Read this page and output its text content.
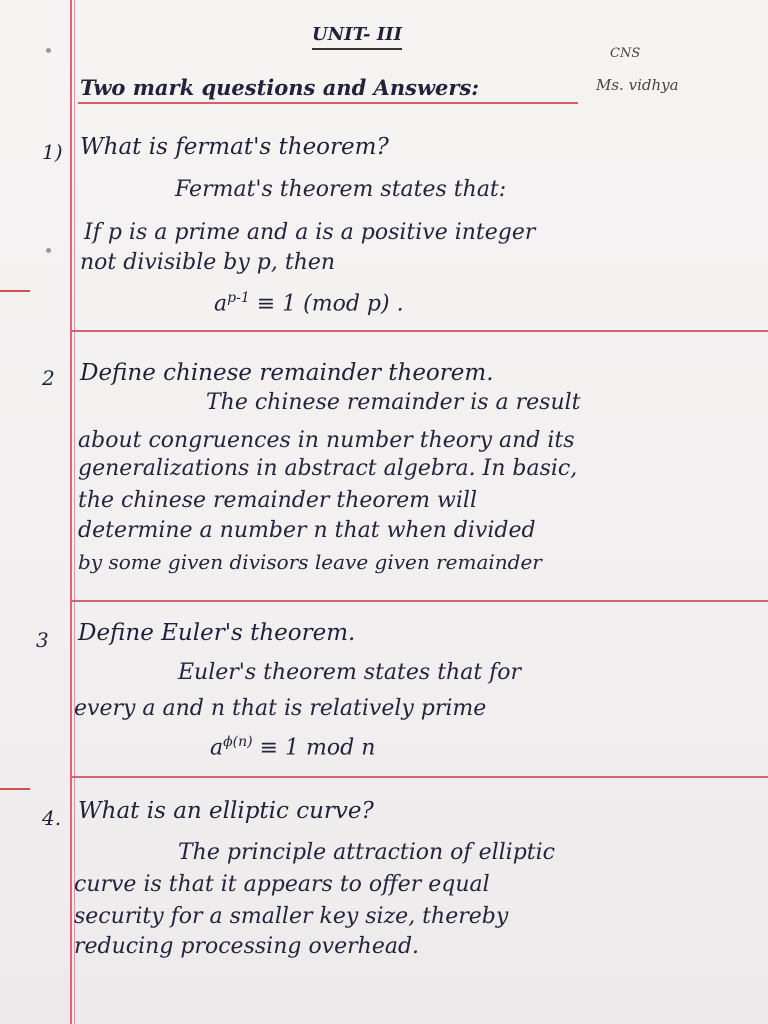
UNIT- III
CNS
Two mark questions and Answers:	Ms. vidhya
1) What is fermat's theorem?
Fermat's theorem states that:
If p is a prime and a is a positive integer
not divisible by p, then
$a^{p-1} \equiv 1$ (mod p) .
2 Define chinese remainder theorem.
The chinese remainder is a result
about congruences in number theory and its
generalizations in abstract algebra. In basic,
the chinese remainder theorem will
determine a number n that when divided
by some given divisors leave given remainder
3 Define Euler's theorem.
Euler's theorem states that for
every a and n that is relatively prime
$a^{\phi(n)} \equiv 1$ mod n
4. What is an elliptic curve?
The principle attraction of elliptic
curve is that it appears to offer equal
security for a smaller key size, thereby
reducing processing overhead.
